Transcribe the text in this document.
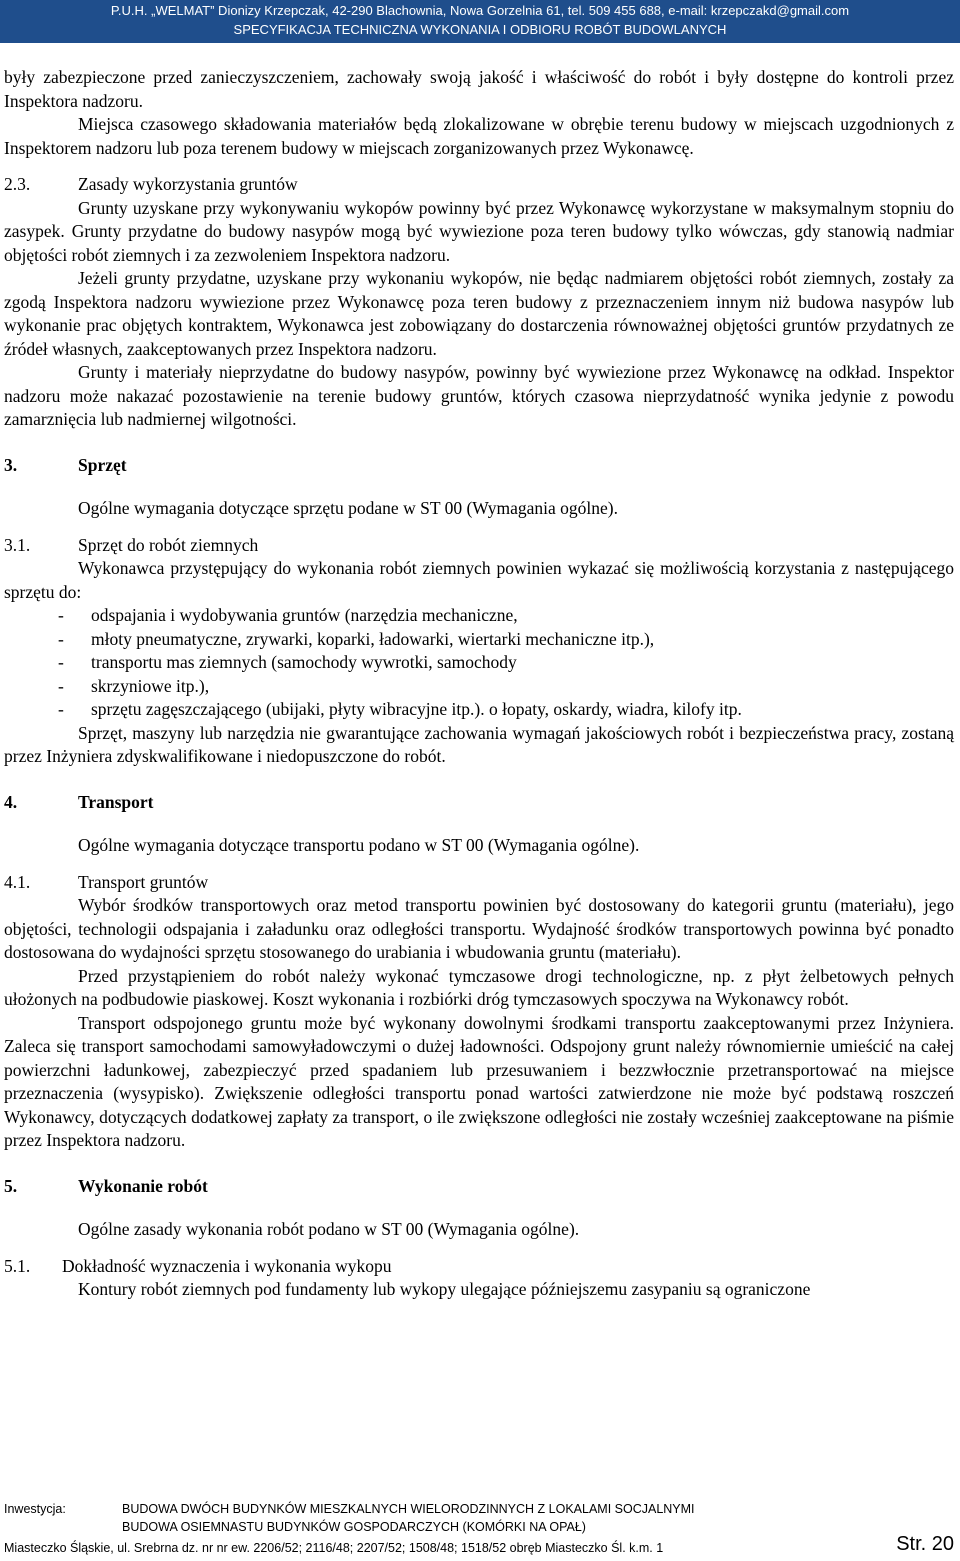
P.U.H. „WELMAT” Dionizy Krzepczak, 42-290 Blachownia, Nowa Gorzelnia 61, tel. 509 455 688, e-mail: krzepczakd@gmail.com
SPECYFIKACJA TECHNICZNA WYKONANIA I ODBIORU ROBÓT BUDOWLANYCH

były zabezpieczone przed zanieczyszczeniem, zachowały swoją jakość i właściwość do robót i były dostępne do kontroli przez Inspektora nadzoru.

Miejsca czasowego składowania materiałów będą zlokalizowane w obrębie terenu budowy w miejscach uzgodnionych z Inspektorem nadzoru lub poza terenem budowy w miejscach zorganizowanych przez Wykonawcę.

2.3.	Zasady wykorzystania gruntów

Grunty uzyskane przy wykonywaniu wykopów powinny być przez Wykonawcę wykorzystane w maksymalnym stopniu do zasypek. Grunty przydatne do budowy nasypów mogą być wywiezione poza teren budowy tylko wówczas, gdy stanowią nadmiar objętości robót ziemnych i za zezwoleniem Inspektora nadzoru.

Jeżeli grunty przydatne, uzyskane przy wykonaniu wykopów, nie będąc nadmiarem objętości robót ziemnych, zostały za zgodą Inspektora nadzoru wywiezione przez Wykonawcę poza teren budowy z przeznaczeniem innym niż budowa nasypów lub wykonanie prac objętych kontraktem, Wykonawca jest zobowiązany do dostarczenia równoważnej objętości gruntów przydatnych ze źródeł własnych, zaakceptowanych przez Inspektora nadzoru.

Grunty i materiały nieprzydatne do budowy nasypów, powinny być wywiezione przez Wykonawcę na odkład. Inspektor nadzoru może nakazać pozostawienie na terenie budowy gruntów, których czasowa nieprzydatność wynika jedynie z powodu zamarznięcia lub nadmiernej wilgotności.

3.	Sprzęt

Ogólne wymagania dotyczące sprzętu podane w ST 00 (Wymagania ogólne).

3.1.	Sprzęt do robót ziemnych

Wykonawca przystępujący do wykonania robót ziemnych powinien wykazać się możliwością korzystania z następującego sprzętu do:

- odspajania i wydobywania gruntów (narzędzia mechaniczne,
- młoty pneumatyczne, zrywarki, koparki, ładowarki, wiertarki mechaniczne itp.),
- transportu mas ziemnych (samochody wywrotki, samochody
- skrzyniowe itp.),
- sprzętu zagęszczającego (ubijaki, płyty wibracyjne itp.). o łopaty, oskardy, wiadra, kilofy itp.

Sprzęt, maszyny lub narzędzia nie gwarantujące zachowania wymagań jakościowych robót i bezpieczeństwa pracy, zostaną przez Inżyniera zdyskwalifikowane i niedopuszczone do robót.

4.	Transport

Ogólne wymagania dotyczące transportu podano w ST 00 (Wymagania ogólne).

4.1.	Transport gruntów

Wybór środków transportowych oraz metod transportu powinien być dostosowany do kategorii gruntu (materiału), jego objętości, technologii odspajania i załadunku oraz odległości transportu. Wydajność środków transportowych powinna być ponadto dostosowana do wydajności sprzętu stosowanego do urabiania i wbudowania gruntu (materiału).

Przed przystąpieniem do robót należy wykonać tymczasowe drogi technologiczne, np. z płyt żelbetowych pełnych ułożonych na podbudowie piaskowej. Koszt wykonania i rozbiórki dróg tymczasowych spoczywa na Wykonawcy robót.

Transport odspojonego gruntu może być wykonany dowolnymi środkami transportu zaakceptowanymi przez Inżyniera. Zaleca się transport samochodami samowyładowczymi o dużej ładowności. Odspojony grunt należy równomiernie umieścić na całej powierzchni ładunkowej, zabezpieczyć przed spadaniem lub przesuwaniem i bezzwłocznie przetransportować na miejsce przeznaczenia (wysypisko). Zwiększenie odległości transportu ponad wartości zatwierdzone nie może być podstawą roszczeń Wykonawcy, dotyczących dodatkowej zapłaty za transport, o ile zwiększone odległości nie zostały wcześniej zaakceptowane na piśmie przez Inspektora nadzoru.

5.	Wykonanie robót

Ogólne zasady wykonania robót podano w ST 00 (Wymagania ogólne).

5.1.	Dokładność wyznaczenia i wykonania wykopu

Kontury robót ziemnych pod fundamenty lub wykopy ulegające późniejszemu zasypaniu są ograniczone

Inwestycja:	BUDOWA DWÓCH BUDYNKÓW MIESZKALNYCH WIELORODZINNYCH Z LOKALAMI SOCJALNYMI
BUDOWA OSIEMNASTU BUDYNKÓW GOSPODARCZYCH (KOMÓRKI NA OPAŁ)
Miasteczko Śląskie, ul. Srebrna dz. nr nr ew. 2206/52; 2116/48; 2207/52; 1508/48; 1518/52 obręb Miasteczko Śl. k.m. 1	Str. 20
